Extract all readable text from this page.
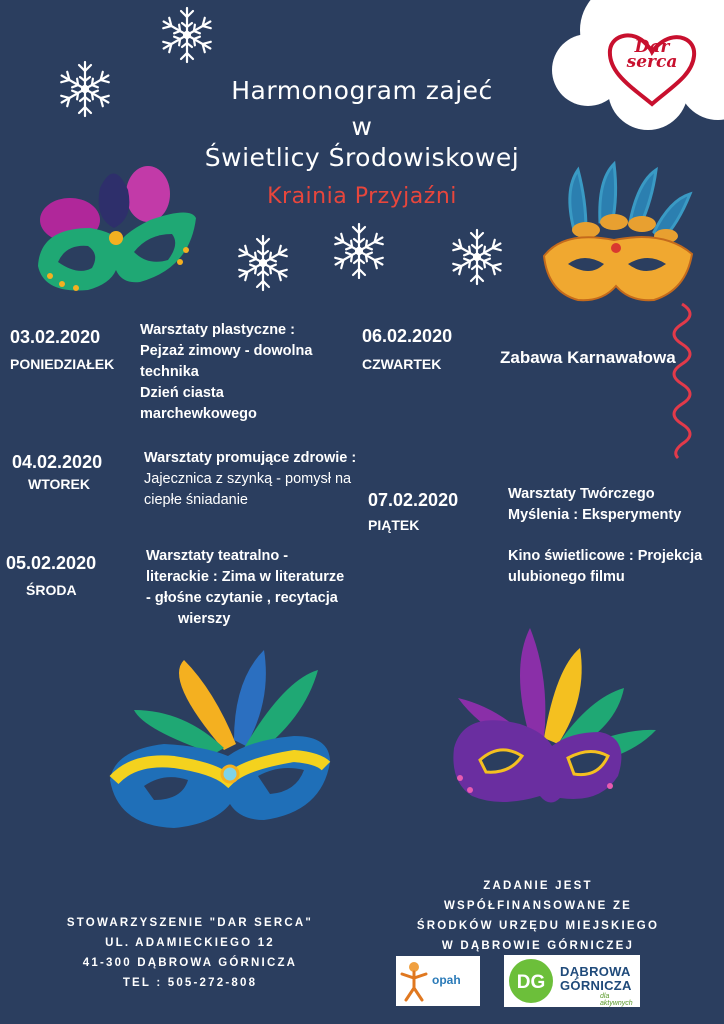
Dar
serca
Harmonogram zajeć
w
Świetlicy Środowiskowej
Krainia Przyjaźni
03.02.2020
PONIEDZIAŁEK
Warsztaty plastyczne :
Pejzaż zimowy - dowolna
technika
Dzień ciasta
marchewkowego
04.02.2020
WTOREK
Warsztaty promujące zdrowie :
Jajecznica z szynką - pomysł na
ciepłe śniadanie
05.02.2020
ŚRODA
Warsztaty teatralno -
literackie : Zima w literaturze
- głośne czytanie , recytacja
wierszy
06.02.2020
CZWARTEK	Zabawa Karnawałowa
07.02.2020
PIĄTEK
Warsztaty Twórczego
Myślenia : Eksperymenty
Kino świetlicowe : Projekcja
ulubionego filmu
STOWARZYSZENIE "DAR SERCA"
UL. ADAMIECKIEGO 12
41-300 DĄBROWA GÓRNICZA
TEL : 505-272-808
ZADANIE JEST
WSPÓŁFINANSOWANE ZE
ŚRODKÓW URZĘDU MIEJSKIEGO
W DĄBROWIE GÓRNICZEJ
opah	DG
DĄBROWA
GÓRNICZA
dla aktywnych
